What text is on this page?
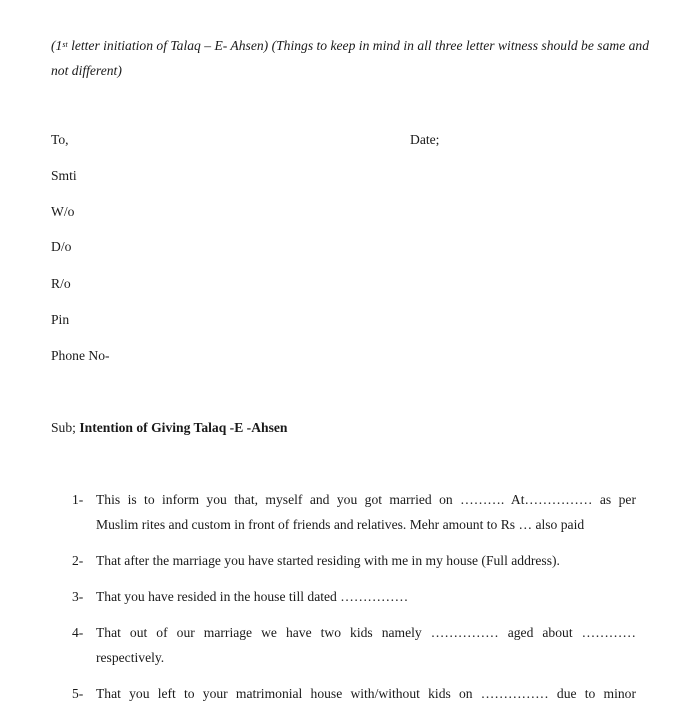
(1st letter initiation of Talaq – E- Ahsen) (Things to keep in mind in all three letter witness should be same and not different)

To,	Date;

Smti

W/o

D/o

R/o

Pin

Phone No-

Sub; Intention of Giving Talaq -E -Ahsen

1- This is to inform you that, myself and you got married on ………. At…………… as per
Muslim rites and custom in front of friends and relatives. Mehr amount to Rs … also paid
2- That after the marriage you have started residing with me in my house (Full address).
3- That you have resided in the house till dated ……………
4- That out of our marriage we have two kids namely …………… aged about …………
respectively.
5- That you left to your matrimonial house with/without kids on …………… due to minor
